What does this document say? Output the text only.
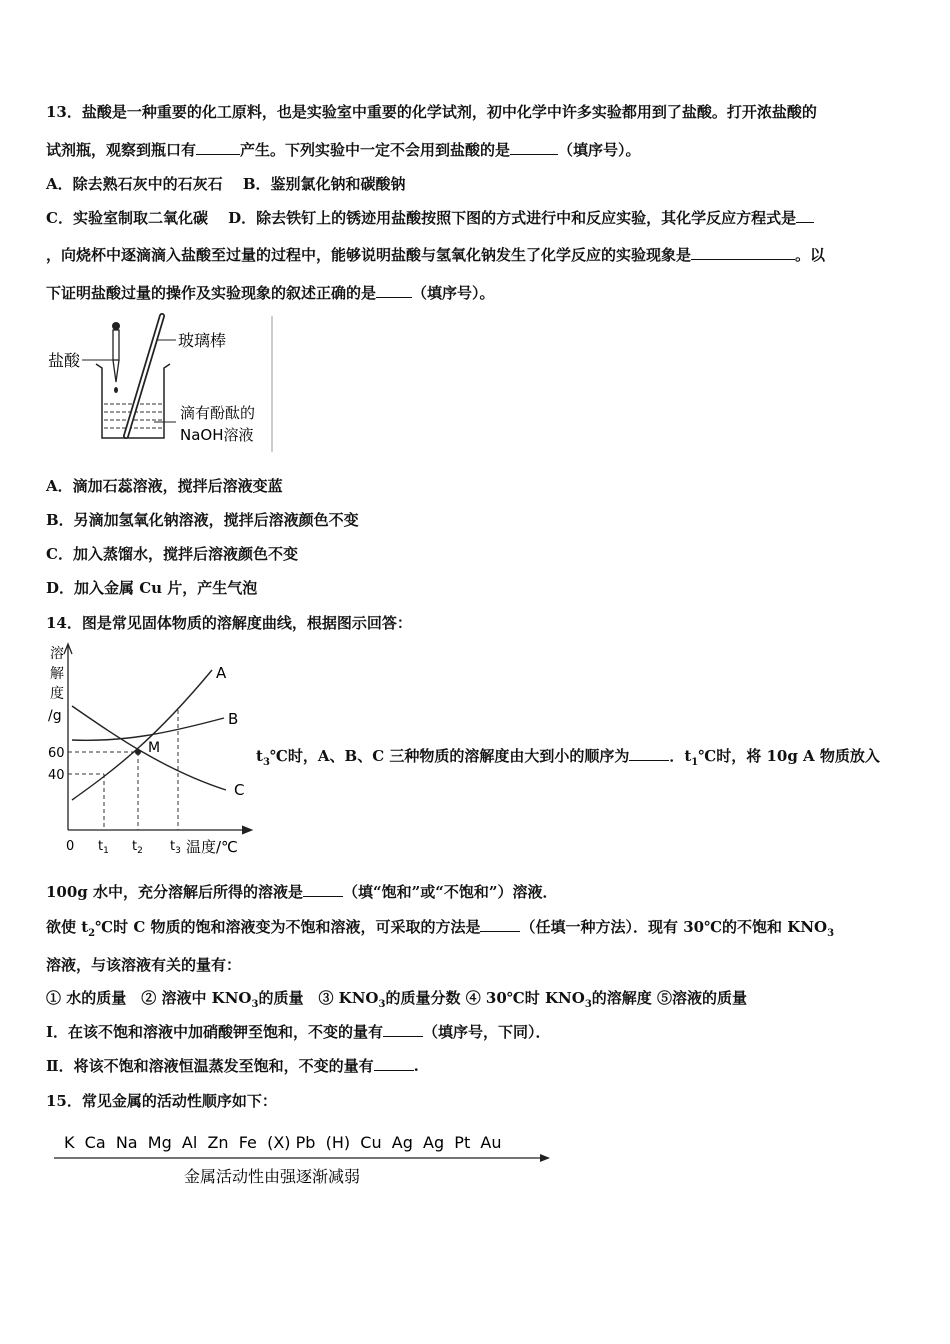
13．盐酸是一种重要的化工原料，也是实验室中重要的化学试剂，初中化学中许多实验都用到了盐酸。打开浓盐酸的
试剂瓶，观察到瓶口有	产生。下列实验中一定不会用到盐酸的是	（填序号）。
A．除去熟石灰中的石灰石　 B．鉴别氯化钠和碳酸钠
C．实验室制取二氧化碳　 D．除去铁钉上的锈迹用盐酸按照下图的方式进行中和反应实验，其化学反应方程式是
，向烧杯中逐滴滴入盐酸至过量的过程中，能够说明盐酸与氢氧化钠发生了化学反应的实验现象是	。以
下证明盐酸过量的操作及实验现象的叙述正确的是 （填序号）。
盐酸
玻璃棒
滴有酚酞的
NaOH溶液
A．滴加石蕊溶液，搅拌后溶液变蓝
B．另滴加氢氧化钠溶液，搅拌后溶液颜色不变
C．加入蒸馏水，搅拌后溶液颜色不变
D．加入金属 Cu 片，产生气泡
14．图是常见固体物质的溶解度曲线，根据图示回答：
溶
解
度
/g
60
40
0 $t_1$ $t_2$ $t_3$ 温度/℃
A
B
C
M	$t_3℃$时，A、B、C 三种物质的溶解度由大到小的顺序为	．$t_1℃$时，将 10g A 物质放入
100g 水中，充分溶解后所得的溶液是	（填“饱和”或“不饱和”）溶液．
欲使 $t_2℃$时 C 物质的饱和溶液变为不饱和溶液，可采取的方法是	（任填一种方法）．现有 30℃的不饱和 $KNO_3$
溶液，与该溶液有关的量有：
① 水的质量　② 溶液中 $KNO_3$的质量　③ $KNO_3$的质量分数 ④ 30℃时 $KNO_3$的溶解度 ⑤溶液的质量
Ⅰ．在该不饱和溶液中加硝酸钾至饱和，不变的量有	（填序号，下同）．
Ⅱ．将该不饱和溶液恒温蒸发至饱和，不变的量有	.
15．常见金属的活动性顺序如下：
K  Ca  Na  Mg  Al  Zn  Fe  (X) Pb  (H)  Cu  Ag  Ag  Pt  Au
金属活动性由强逐渐减弱
